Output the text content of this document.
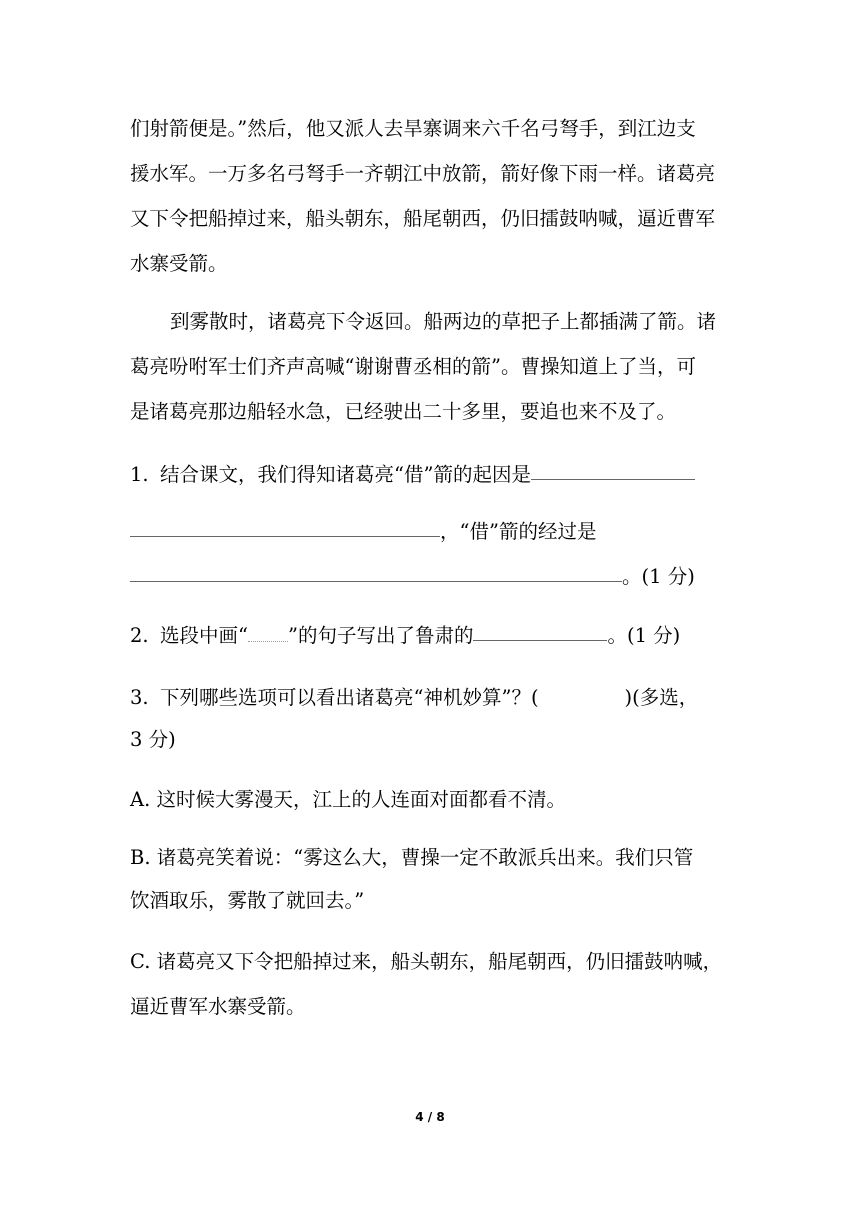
们射箭便是。”然后，他又派人去旱寨调来六千名弓弩手，到江边支
援水军。一万多名弓弩手一齐朝江中放箭，箭好像下雨一样。诸葛亮
又下令把船掉过来，船头朝东，船尾朝西，仍旧擂鼓呐喊，逼近曹军
水寨受箭。
到雾散时，诸葛亮下令返回。船两边的草把子上都插满了箭。诸
葛亮吩咐军士们齐声高喊“谢谢曹丞相的箭”。曹操知道上了当，可
是诸葛亮那边船轻水急，已经驶出二十多里，要追也来不及了。
1. 结合课文，我们得知诸葛亮“借”箭的起因是
，“借”箭的经过是
。(1 分)
2. 选段中画“ ”的句子写出了鲁肃的	。(1 分)
3. 下列哪些选项可以看出诸葛亮“神机妙算”？(	)(多选，
3 分)
A. 这时候大雾漫天，江上的人连面对面都看不清。
B. 诸葛亮笑着说：“雾这么大，曹操一定不敢派兵出来。我们只管
饮酒取乐，雾散了就回去。”
C. 诸葛亮又下令把船掉过来，船头朝东，船尾朝西，仍旧擂鼓呐喊，
逼近曹军水寨受箭。
4 / 8
